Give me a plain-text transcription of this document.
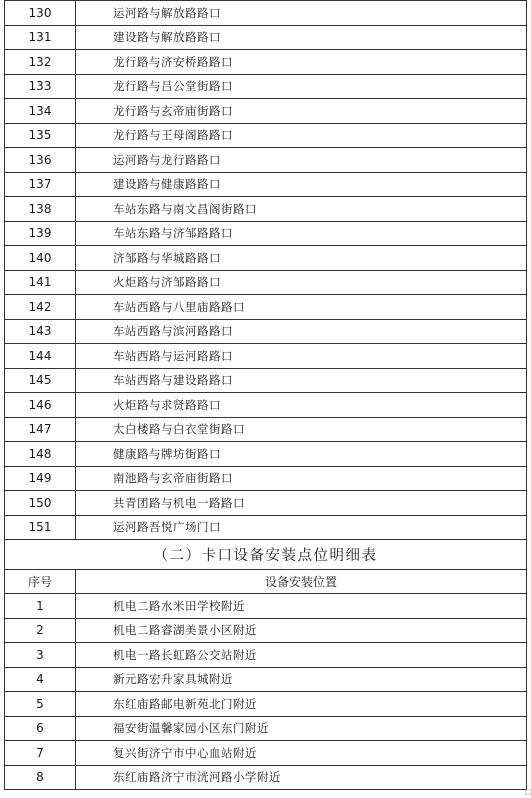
130	运河路与解放路路口
131	建设路与解放路路口
132	龙行路与济安桥路路口
133	龙行路与吕公堂街路口
134	龙行路与玄帝庙街路口
135	龙行路与王母阁路路口
136	运河路与龙行路路口
137	建设路与健康路路口
138	车站东路与南文昌阁街路口
139	车站东路与济邹路路口
140	济邹路与华城路路口
141	火炬路与济邹路路口
142	车站西路与八里庙路路口
143	车站西路与滨河路路口
144	车站西路与运河路路口
145	车站西路与建设路路口
146	火炬路与求贤路路口
147	太白楼路与白衣堂街路口
148	健康路与牌坊街路口
149	南池路与玄帝庙街路口
150	共青团路与机电一路路口
151	运河路吾悦广场门口
（二）卡口设备安装点位明细表	
序号	设备安装位置
1	机电二路水米田学校附近
2	机电二路睿湖美景小区附近
3	机电一路长虹路公交站附近
4	新元路宏升家具城附近
5	东红庙路邮电新苑北门附近
6	福安街温馨家园小区东门附近
7	复兴街济宁市中心血站附近
8	东红庙路济宁市洸河路小学附近
□
